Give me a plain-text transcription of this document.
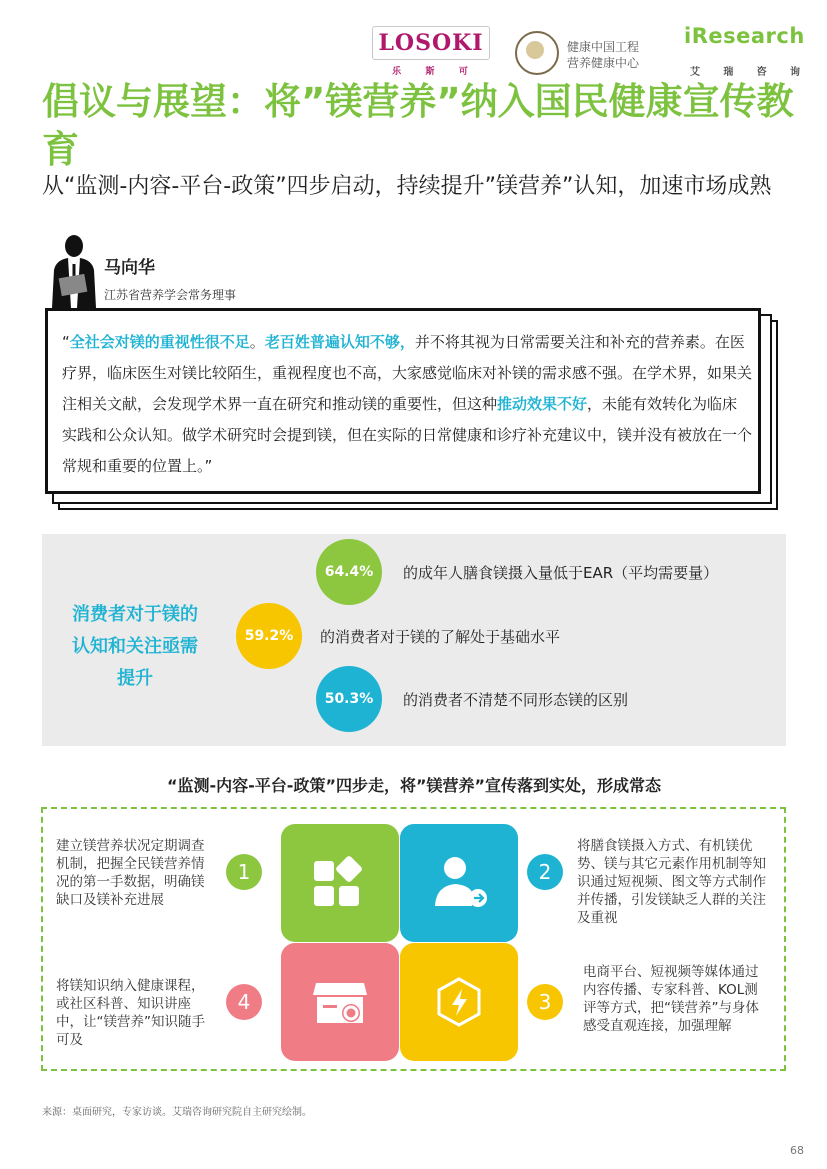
LOSOKI
乐	斯	可
健康中国工程
营养健康中心
iResearch
艾 瑞 咨 询
倡议与展望：将”镁营养”纳入国民健康宣传教育
从“监测-内容-平台-政策”四步启动，持续提升”镁营养”认知，加速市场成熟
马向华
江苏省营养学会常务理事
“全社会对镁的重视性很不足。老百姓普遍认知不够，并不将其视为日常需要关注和补充的营养素。在医疗界，临床医生对镁比较陌生，重视程度也不高，大家感觉临床对补镁的需求感不强。在学术界，如果关注相关文献，会发现学术界一直在研究和推动镁的重要性，但这种推动效果不好，未能有效转化为临床实践和公众认知。做学术研究时会提到镁，但在实际的日常健康和诊疗补充建议中，镁并没有被放在一个常规和重要的位置上。”
消费者对于镁的认知和关注亟需提升
64.4%	的成年人膳食镁摄入量低于EAR（平均需要量）
59.2%	的消费者对于镁的了解处于基础水平
50.3%	的消费者不清楚不同形态镁的区别
“监测-内容-平台-政策”四步走，将”镁营养”宣传落到实处，形成常态
1	2
3
4
建立镁营养状况定期调查机制，把握全民镁营养情况的第一手数据，明确镁缺口及镁补充进展
将膳食镁摄入方式、有机镁优势、镁与其它元素作用机制等知识通过短视频、图文等方式制作并传播，引发镁缺乏人群的关注及重视
电商平台、短视频等媒体通过内容传播、专家科普、KOL测评等方式，把“镁营养”与身体感受直观连接，加强理解
将镁知识纳入健康课程，或社区科普、知识讲座中，让“镁营养”知识随手可及
来源：桌面研究，专家访谈。艾瑞咨询研究院自主研究绘制。
68
